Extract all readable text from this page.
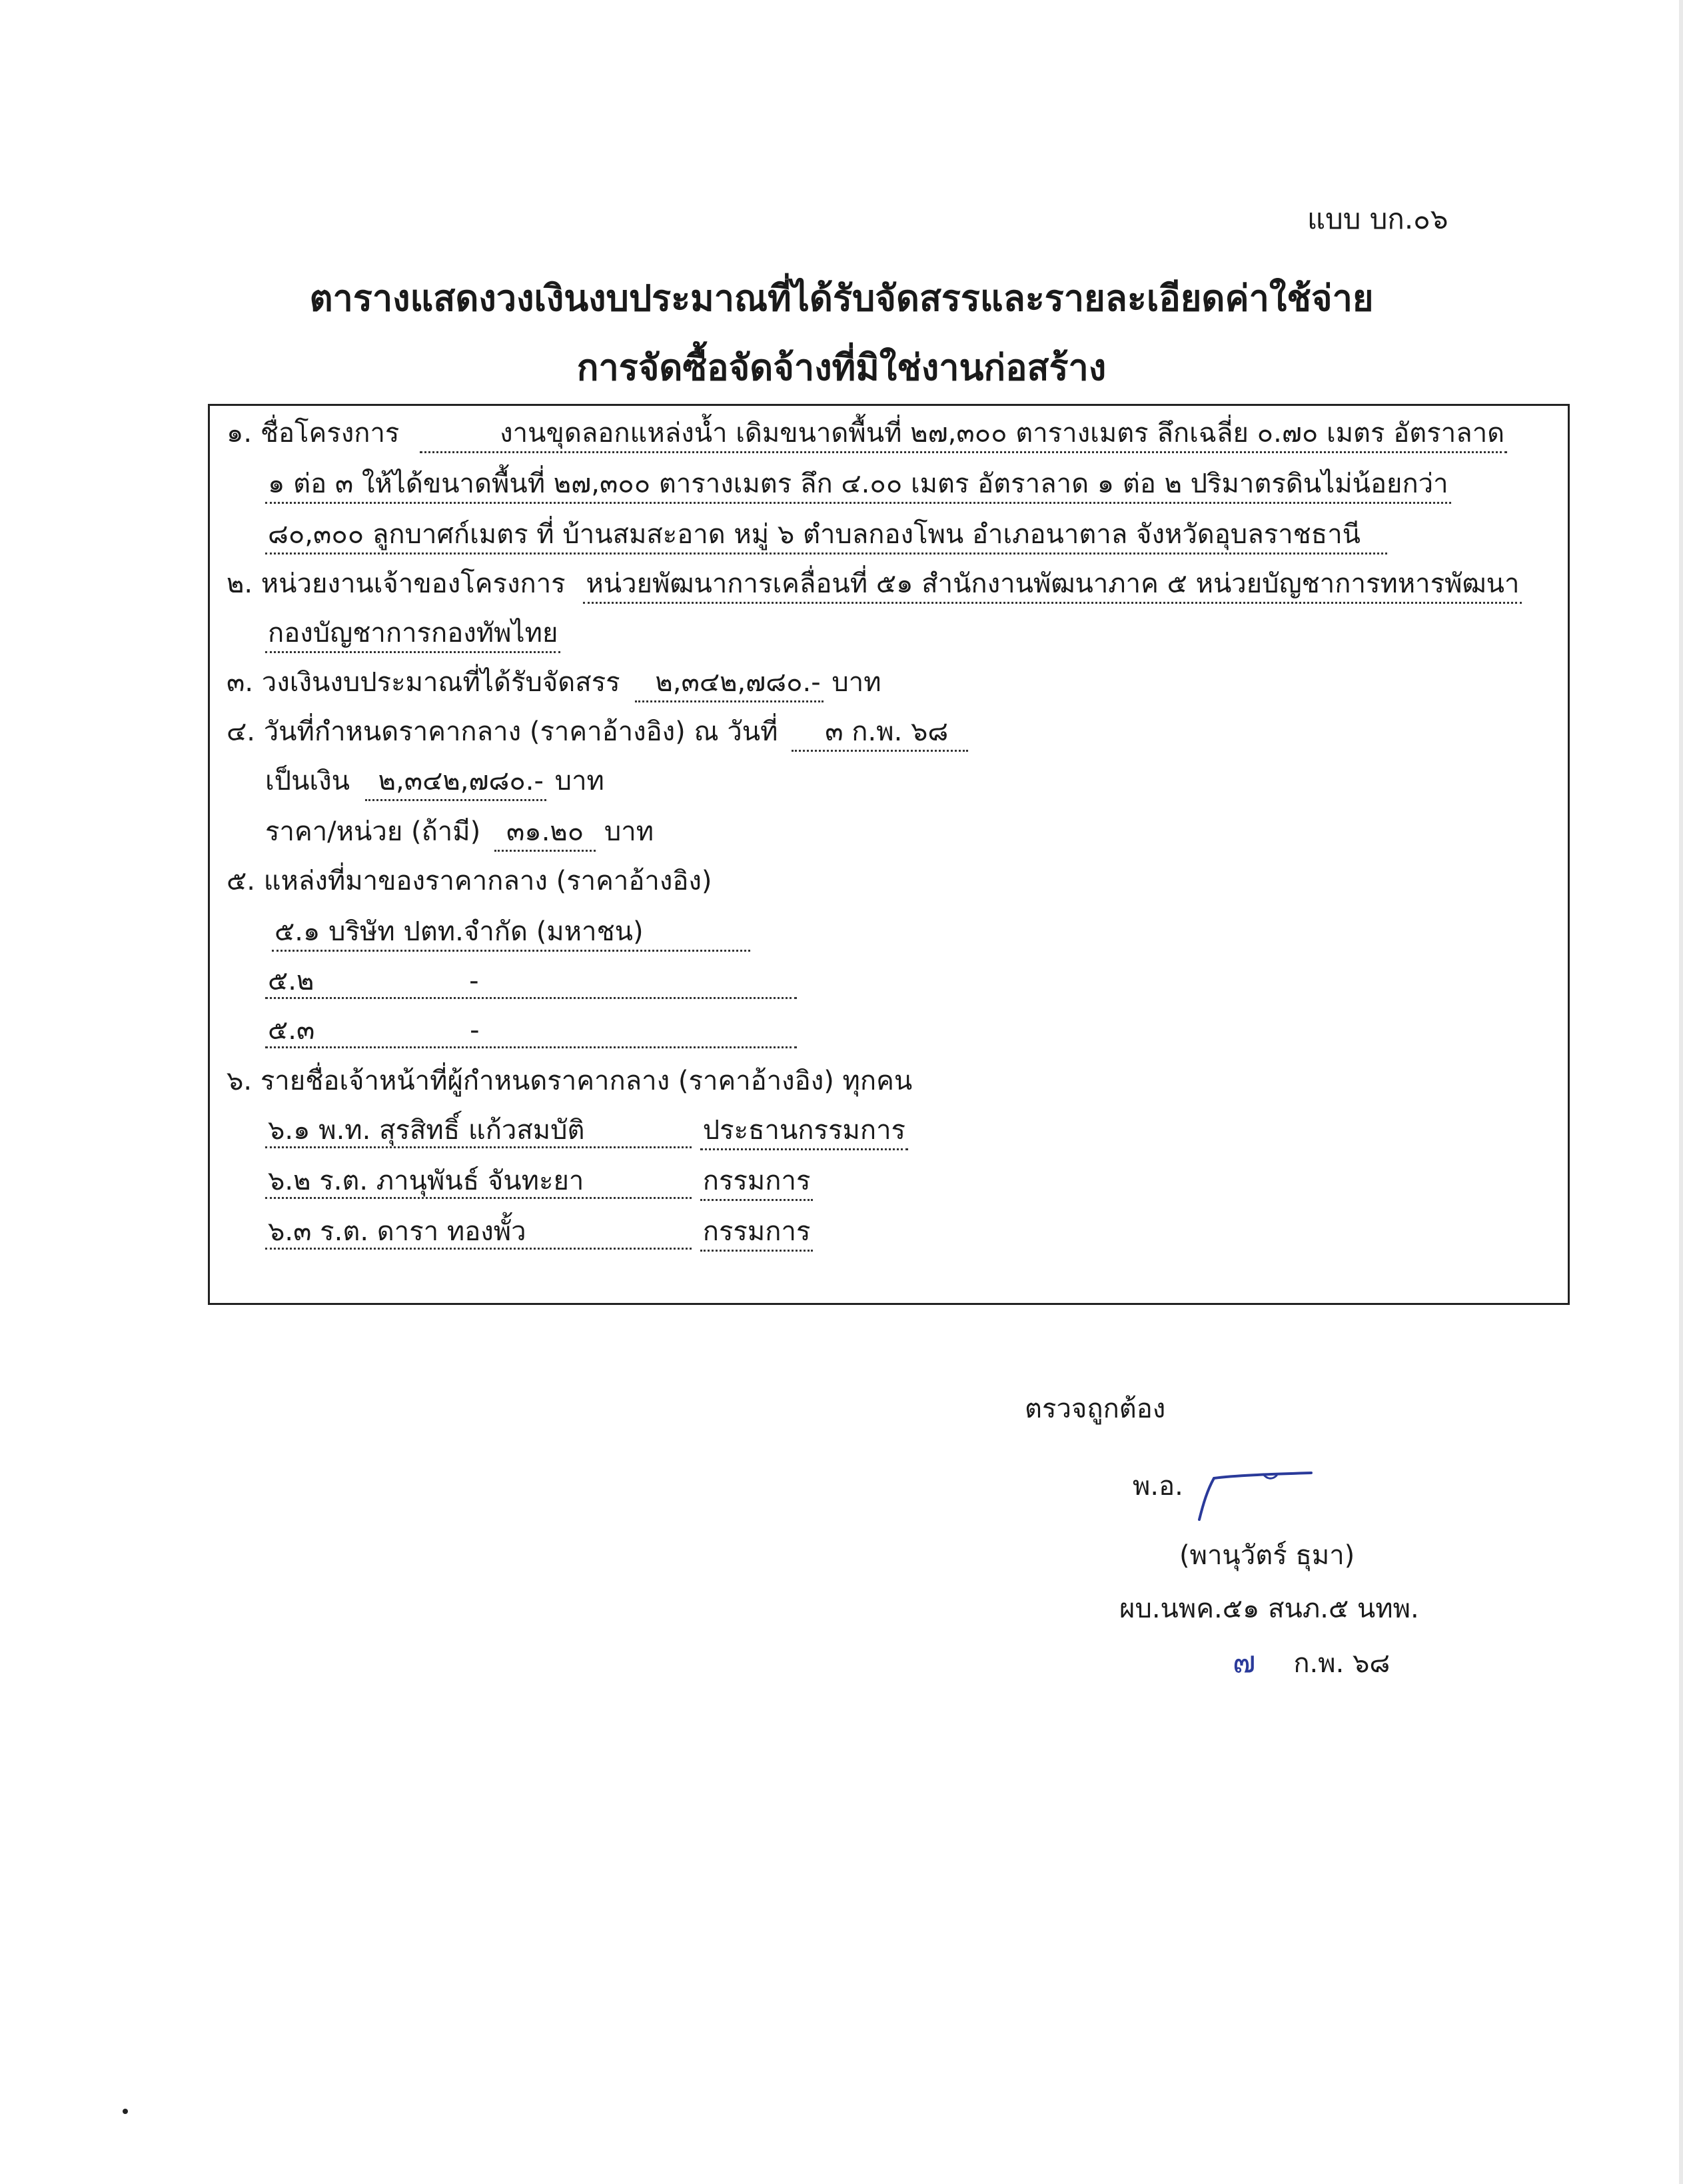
แบบ บก.๐๖
ตารางแสดงวงเงินงบประมาณที่ได้รับจัดสรรและรายละเอียดค่าใช้จ่าย
การจัดซื้อจัดจ้างที่มิใช่งานก่อสร้าง
๑. ชื่อโครงการ	งานขุดลอกแหล่งน้ำ เดิมขนาดพื้นที่ ๒๗,๓๐๐ ตารางเมตร ลึกเฉลี่ย ๐.๗๐ เมตร อัตราลาด
๑ ต่อ ๓ ให้ได้ขนาดพื้นที่ ๒๗,๓๐๐ ตารางเมตร ลึก ๔.๐๐ เมตร อัตราลาด ๑ ต่อ ๒ ปริมาตรดินไม่น้อยกว่า
๘๐,๓๐๐ ลูกบาศก์เมตร ที่ บ้านสมสะอาด หมู่ ๖ ตำบลกองโพน อำเภอนาตาล จังหวัดอุบลราชธานี
๒. หน่วยงานเจ้าของโครงการ หน่วยพัฒนาการเคลื่อนที่ ๕๑ สำนักงานพัฒนาภาค ๕ หน่วยบัญชาการทหารพัฒนา
กองบัญชาการกองทัพไทย
๓. วงเงินงบประมาณที่ได้รับจัดสรร ๒,๓๔๒,๗๘๐.- บาท
๔. วันที่กำหนดราคากลาง (ราคาอ้างอิง) ณ วันที่ ๓ ก.พ. ๖๘
เป็นเงิน ๒,๓๔๒,๗๘๐.- บาท
ราคา/หน่วย (ถ้ามี) ๓๑.๒๐ บาท
๕. แหล่งที่มาของราคากลาง (ราคาอ้างอิง)
๕.๑ บริษัท ปตท.จำกัด (มหาชน)
๕.๒	-
๕.๓	-
๖. รายชื่อเจ้าหน้าที่ผู้กำหนดราคากลาง (ราคาอ้างอิง) ทุกคน
๖.๑ พ.ท. สุรสิทธิ์ แก้วสมบัติ	ประธานกรรมการ
๖.๒ ร.ต. ภานุพันธ์ จันทะยา	กรรมการ
๖.๓ ร.ต. ดารา ทองพั้ว	กรรมการ
ตรวจถูกต้อง
พ.อ.
(พานุวัตร์ ธุมา)
ผบ.นพค.๕๑ สนภ.๕ นทพ.
๗ ก.พ. ๖๘
